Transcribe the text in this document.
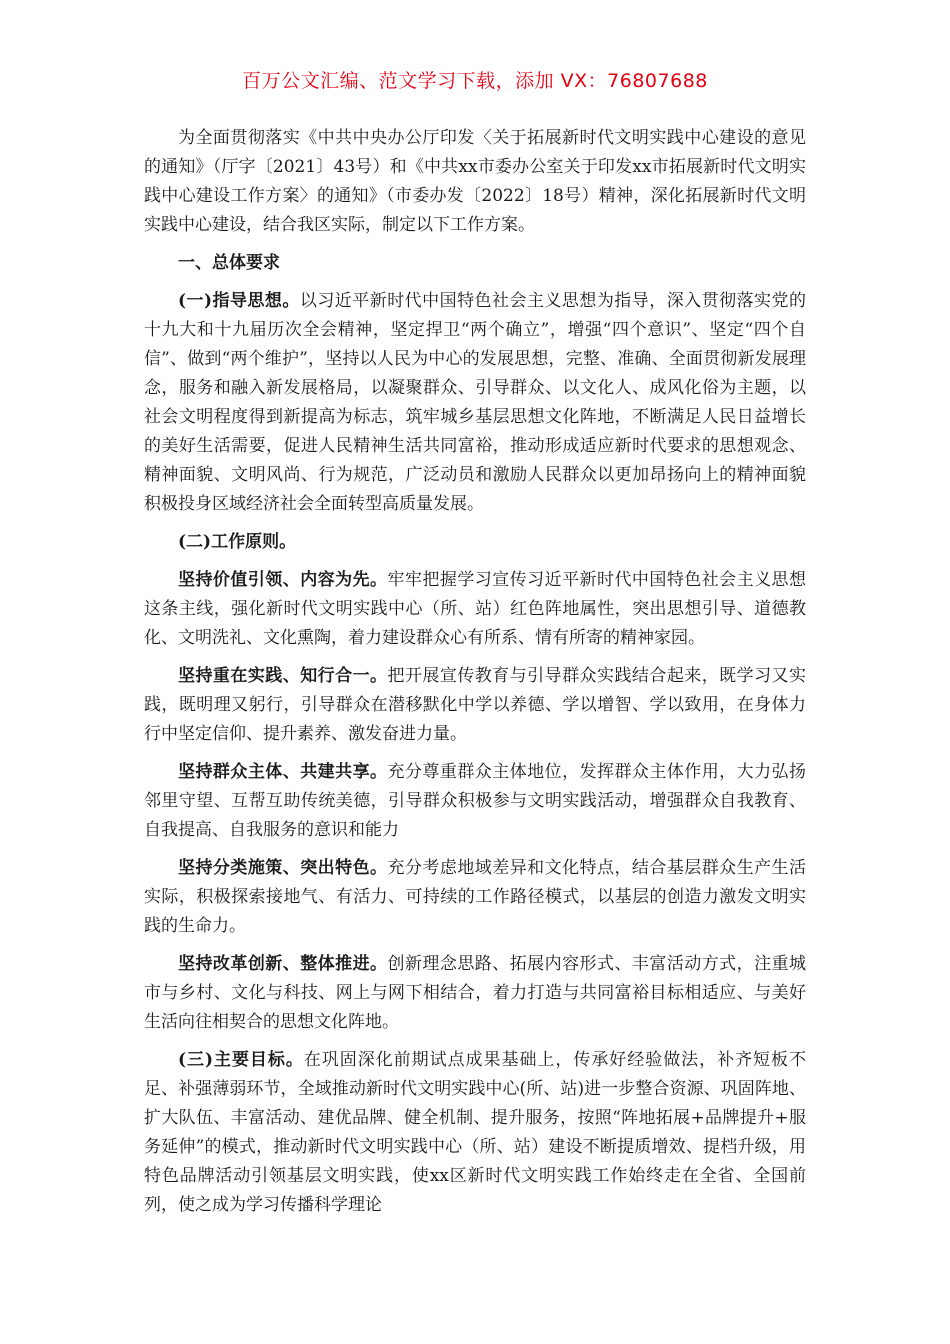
百万公文汇编、范文学习下载，添加 VX：76807688

为全面贯彻落实《中共中央办公厅印发〈关于拓展新时代文明实践中心建设的意见的通知》（厅字〔2021〕43号）和《中共xx市委办公室关于印发xx市拓展新时代文明实践中心建设工作方案〉的通知》（市委办发〔2022〕18号）精神，深化拓展新时代文明实践中心建设，结合我区实际，制定以下工作方案。

一、总体要求

(一)指导思想。以习近平新时代中国特色社会主义思想为指导，深入贯彻落实党的十九大和十九届历次全会精神，坚定捍卫“两个确立”，增强“四个意识”、坚定“四个自信”、做到“两个维护”，坚持以人民为中心的发展思想，完整、准确、全面贯彻新发展理念，服务和融入新发展格局，以凝聚群众、引导群众、以文化人、成风化俗为主题，以社会文明程度得到新提高为标志，筑牢城乡基层思想文化阵地，不断满足人民日益增长的美好生活需要，促进人民精神生活共同富裕，推动形成适应新时代要求的思想观念、精神面貌、文明风尚、行为规范，广泛动员和激励人民群众以更加昂扬向上的精神面貌积极投身区域经济社会全面转型高质量发展。

(二)工作原则。

坚持价值引领、内容为先。牢牢把握学习宣传习近平新时代中国特色社会主义思想这条主线，强化新时代文明实践中心（所、站）红色阵地属性，突出思想引导、道德教化、文明洗礼、文化熏陶，着力建设群众心有所系、情有所寄的精神家园。

坚持重在实践、知行合一。把开展宣传教育与引导群众实践结合起来，既学习又实践，既明理又躬行，引导群众在潜移默化中学以养德、学以增智、学以致用，在身体力行中坚定信仰、提升素养、激发奋进力量。

坚持群众主体、共建共享。充分尊重群众主体地位，发挥群众主体作用，大力弘扬邻里守望、互帮互助传统美德，引导群众积极参与文明实践活动，增强群众自我教育、自我提高、自我服务的意识和能力

坚持分类施策、突出特色。充分考虑地域差异和文化特点，结合基层群众生产生活实际，积极探索接地气、有活力、可持续的工作路径模式，以基层的创造力激发文明实践的生命力。

坚持改革创新、整体推进。创新理念思路、拓展内容形式、丰富活动方式，注重城市与乡村、文化与科技、网上与网下相结合，着力打造与共同富裕目标相适应、与美好生活向往相契合的思想文化阵地。

(三)主要目标。在巩固深化前期试点成果基础上，传承好经验做法，补齐短板不足、补强薄弱环节，全域推动新时代文明实践中心(所、站)进一步整合资源、巩固阵地、扩大队伍、丰富活动、建优品牌、健全机制、提升服务，按照“阵地拓展+品牌提升+服务延伸”的模式，推动新时代文明实践中心（所、站）建设不断提质增效、提档升级，用特色品牌活动引领基层文明实践，使xx区新时代文明实践工作始终走在全省、全国前列，使之成为学习传播科学理论
